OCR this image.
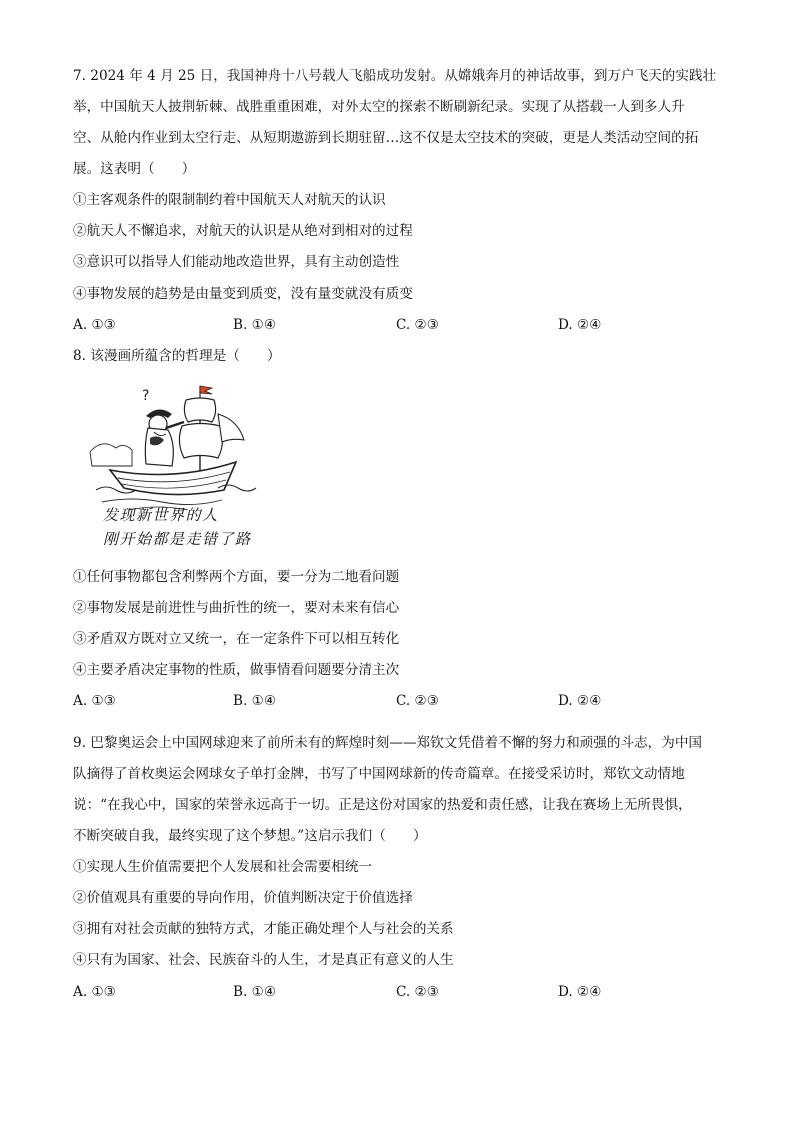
7. 2024 年 4 月 25 日，我国神舟十八号载人飞船成功发射。从嫦娥奔月的神话故事，到万户飞天的实践壮
举，中国航天人披荆斩棘、战胜重重困难，对外太空的探索不断刷新纪录。实现了从搭载一人到多人升
空、从舱内作业到太空行走、从短期遨游到长期驻留…这不仅是太空技术的突破，更是人类活动空间的拓
展。这表明（　　）
①主客观条件的限制制约着中国航天人对航天的认识
②航天人不懈追求，对航天的认识是从绝对到相对的过程
③意识可以指导人们能动地改造世界，具有主动创造性
④事物发展的趋势是由量变到质变，没有量变就没有质变
A. ①③	B. ①④	C. ②③	D. ②④
8. 该漫画所蕴含的哲理是（　　）
?
发现新世界的人
刚开始都是走错了路
①任何事物都包含利弊两个方面，要一分为二地看问题
②事物发展是前进性与曲折性的统一，要对未来有信心
③矛盾双方既对立又统一，在一定条件下可以相互转化
④主要矛盾决定事物的性质，做事情看问题要分清主次
A. ①③	B. ①④	C. ②③	D. ②④
9. 巴黎奥运会上中国网球迎来了前所未有的辉煌时刻——郑钦文凭借着不懈的努力和顽强的斗志，为中国
队摘得了首枚奥运会网球女子单打金牌，书写了中国网球新的传奇篇章。在接受采访时，郑钦文动情地
说：“在我心中，国家的荣誉永远高于一切。正是这份对国家的热爱和责任感，让我在赛场上无所畏惧，
不断突破自我，最终实现了这个梦想。”这启示我们（　　）
①实现人生价值需要把个人发展和社会需要相统一
②价值观具有重要的导向作用，价值判断决定于价值选择
③拥有对社会贡献的独特方式，才能正确处理个人与社会的关系
④只有为国家、社会、民族奋斗的人生，才是真正有意义的人生
A. ①③	B. ①④	C. ②③	D. ②④
